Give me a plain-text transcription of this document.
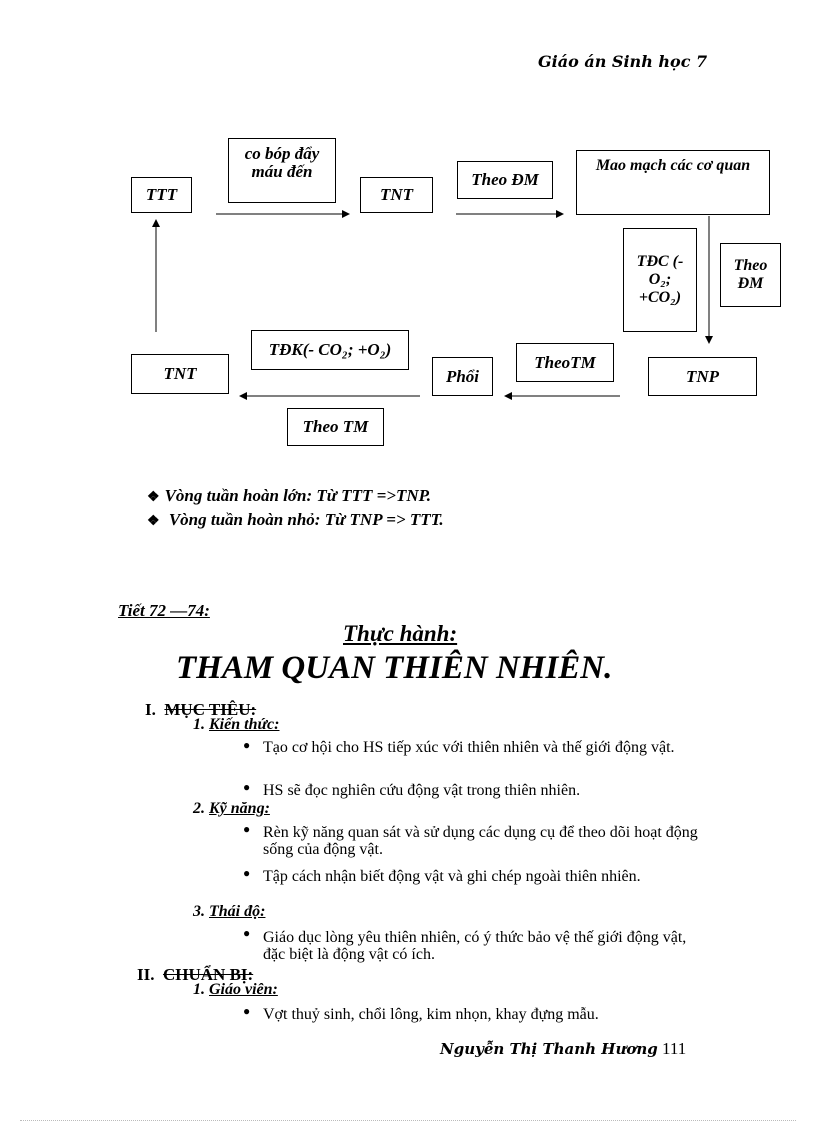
Giáo án Sinh học 7
TTT
co bóp đẩy máu đến
TNT
Theo ĐM
Mao mạch các cơ quan
TĐC (- O₂; +CO₂)
Theo ĐM
TNP
TheoTM
Phổi
TĐK(- CO₂; +O₂)
TNT
Theo TM
❖ Vòng tuần hoàn lớn: Từ TTT =>TNP.
❖ Vòng tuần hoàn nhỏ: Từ TNP => TTT.
Tiết 72 —74:
Thực hành:
THAM QUAN THIÊN NHIÊN.
I. MỤC TIÊU:
1. Kiến thức:
● Tạo cơ hội cho HS tiếp xúc với thiên nhiên và thế giới động vật.
● HS sẽ đọc nghiên cứu động vật trong thiên nhiên.
2. Kỹ năng:
● Rèn kỹ năng quan sát và sử dụng các dụng cụ để theo dõi hoạt động sống của động vật.
● Tập cách nhận biết động vật và ghi chép ngoài thiên nhiên.
3. Thái độ:
● Giáo dục lòng yêu thiên nhiên, có ý thức bảo vệ thế giới động vật, đặc biệt là động vật có ích.
II. CHUẨN BỊ:
1. Giáo viên:
● Vợt thuỷ sinh, chổi lông, kim nhọn, khay đựng mẫu.
Nguyễn Thị Thanh Hương 111
